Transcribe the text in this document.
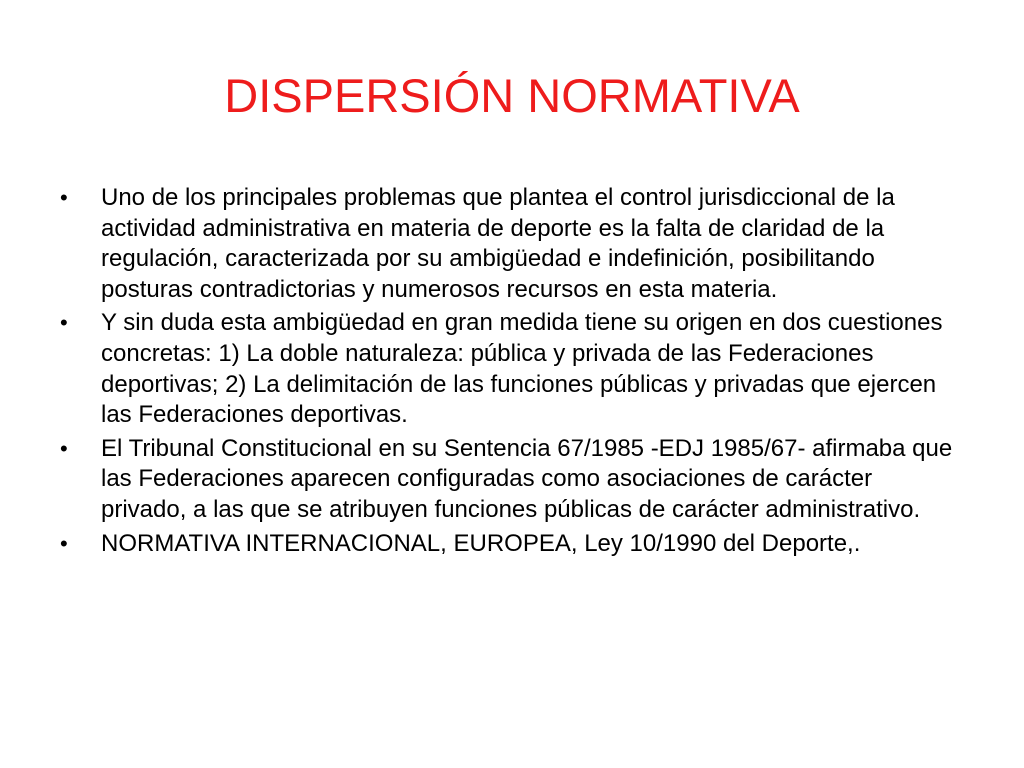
DISPERSIÓN NORMATIVA
•	Uno de los principales problemas que plantea el control jurisdiccional de la actividad administrativa en materia de deporte es la falta de claridad de la regulación, caracterizada por su ambigüedad e indefinición, posibilitando posturas contradictorias y numerosos recursos en esta materia.
•	Y sin duda esta ambigüedad en gran medida tiene su origen en dos cuestiones concretas: 1) La doble naturaleza: pública y privada de las Federaciones deportivas; 2) La delimitación de las funciones públicas y privadas que ejercen las Federaciones deportivas.
•	El Tribunal Constitucional en su Sentencia 67/1985 -EDJ 1985/67- afirmaba que las Federaciones aparecen configuradas como asociaciones de carácter privado, a las que se atribuyen funciones públicas de carácter administrativo.
•	NORMATIVA INTERNACIONAL, EUROPEA, Ley 10/1990 del Deporte,.
